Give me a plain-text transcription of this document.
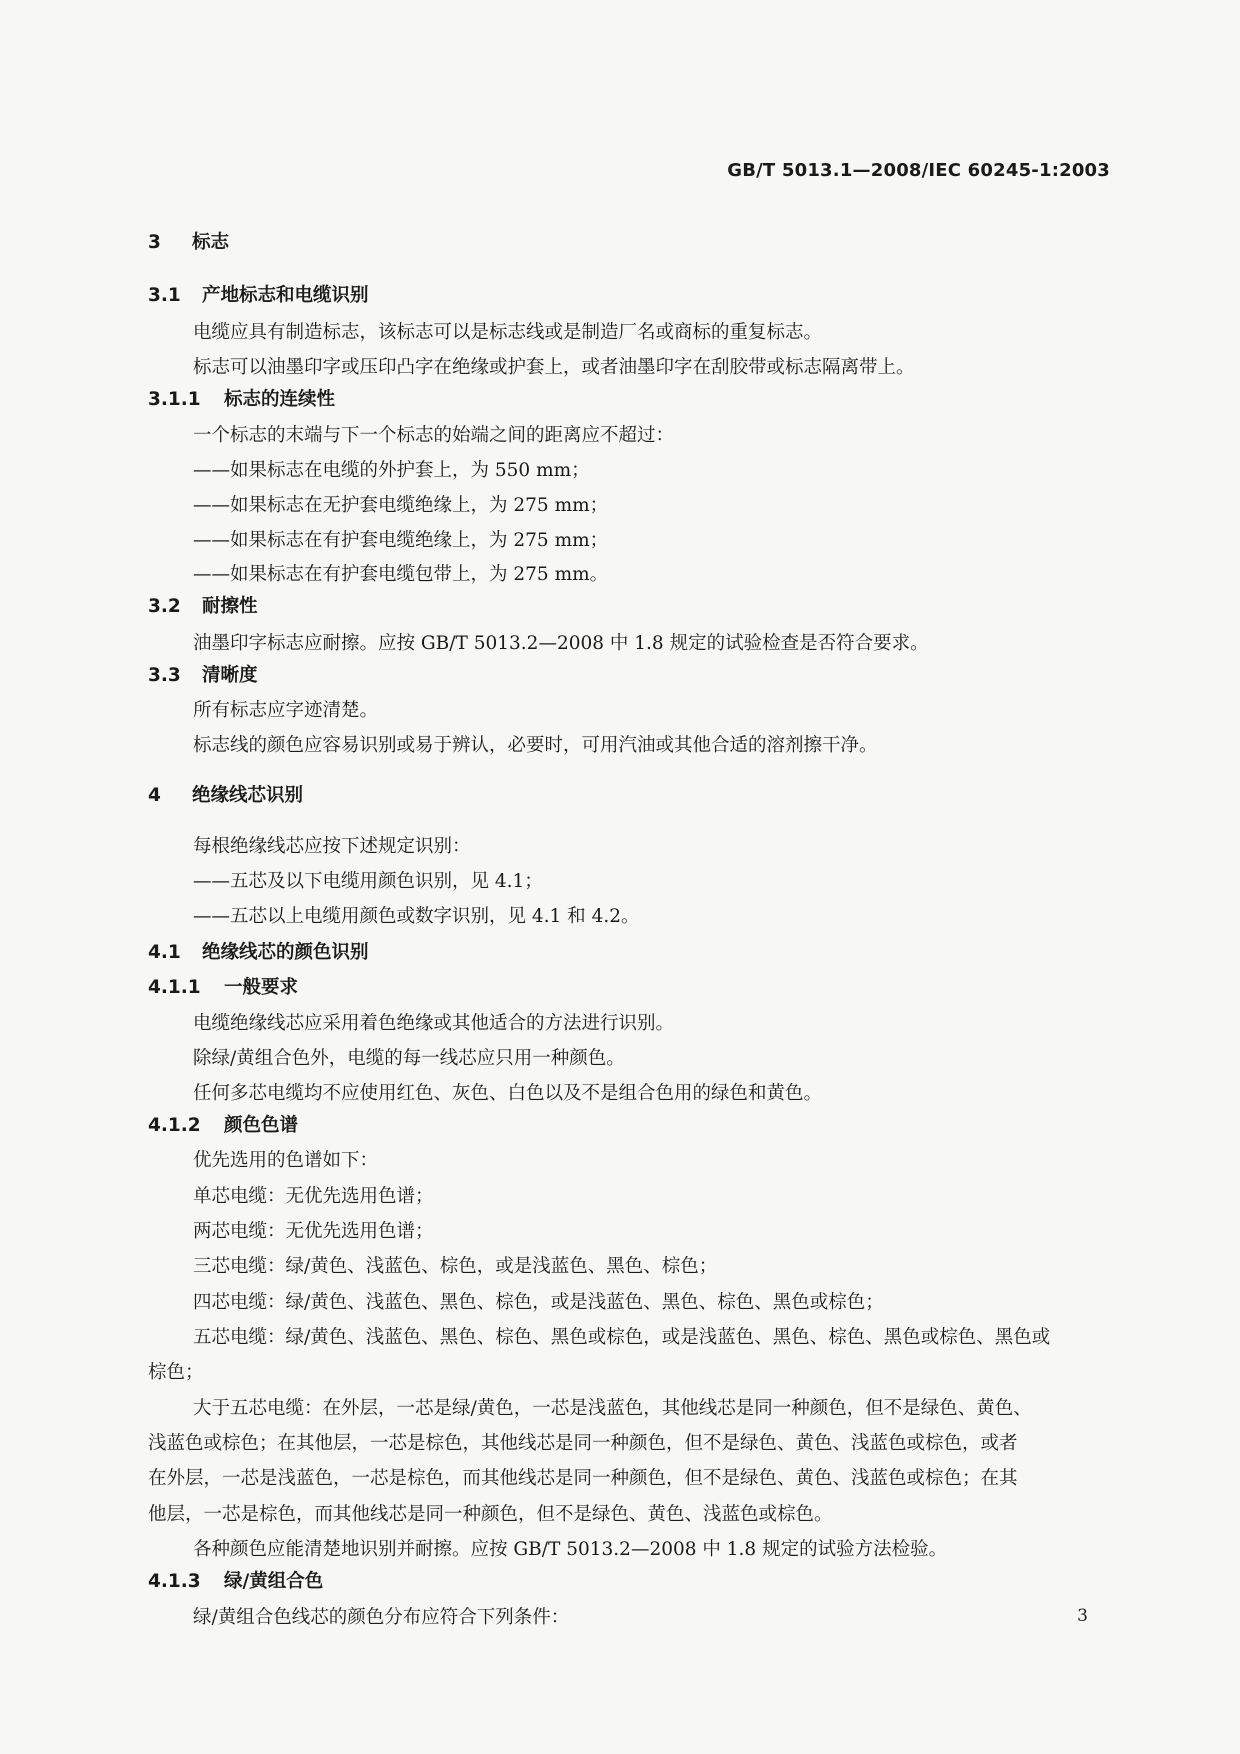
GB/T 5013.1—2008/IEC 60245-1:2003
3 标志
3.1 产地标志和电缆识别
电缆应具有制造标志，该标志可以是标志线或是制造厂名或商标的重复标志。
标志可以油墨印字或压印凸字在绝缘或护套上，或者油墨印字在刮胶带或标志隔离带上。
3.1.1 标志的连续性
一个标志的末端与下一个标志的始端之间的距离应不超过：
——如果标志在电缆的外护套上，为 550 mm；
——如果标志在无护套电缆绝缘上，为 275 mm；
——如果标志在有护套电缆绝缘上，为 275 mm；
——如果标志在有护套电缆包带上，为 275 mm。
3.2 耐擦性
油墨印字标志应耐擦。应按 GB/T 5013.2—2008 中 1.8 规定的试验检查是否符合要求。
3.3 清晰度
所有标志应字迹清楚。
标志线的颜色应容易识别或易于辨认，必要时，可用汽油或其他合适的溶剂擦干净。
4 绝缘线芯识别
每根绝缘线芯应按下述规定识别：
——五芯及以下电缆用颜色识别，见 4.1；
——五芯以上电缆用颜色或数字识别，见 4.1 和 4.2。
4.1 绝缘线芯的颜色识别
4.1.1 一般要求
电缆绝缘线芯应采用着色绝缘或其他适合的方法进行识别。
除绿/黄组合色外，电缆的每一线芯应只用一种颜色。
任何多芯电缆均不应使用红色、灰色、白色以及不是组合色用的绿色和黄色。
4.1.2 颜色色谱
优先选用的色谱如下：
单芯电缆：无优先选用色谱；
两芯电缆：无优先选用色谱；
三芯电缆：绿/黄色、浅蓝色、棕色，或是浅蓝色、黑色、棕色；
四芯电缆：绿/黄色、浅蓝色、黑色、棕色，或是浅蓝色、黑色、棕色、黑色或棕色；
五芯电缆：绿/黄色、浅蓝色、黑色、棕色、黑色或棕色，或是浅蓝色、黑色、棕色、黑色或棕色、黑色或
棕色；
大于五芯电缆：在外层，一芯是绿/黄色，一芯是浅蓝色，其他线芯是同一种颜色，但不是绿色、黄色、
浅蓝色或棕色；在其他层，一芯是棕色，其他线芯是同一种颜色，但不是绿色、黄色、浅蓝色或棕色，或者
在外层，一芯是浅蓝色，一芯是棕色，而其他线芯是同一种颜色，但不是绿色、黄色、浅蓝色或棕色；在其
他层，一芯是棕色，而其他线芯是同一种颜色，但不是绿色、黄色、浅蓝色或棕色。
各种颜色应能清楚地识别并耐擦。应按 GB/T 5013.2—2008 中 1.8 规定的试验方法检验。
4.1.3 绿/黄组合色
绿/黄组合色线芯的颜色分布应符合下列条件：	3
